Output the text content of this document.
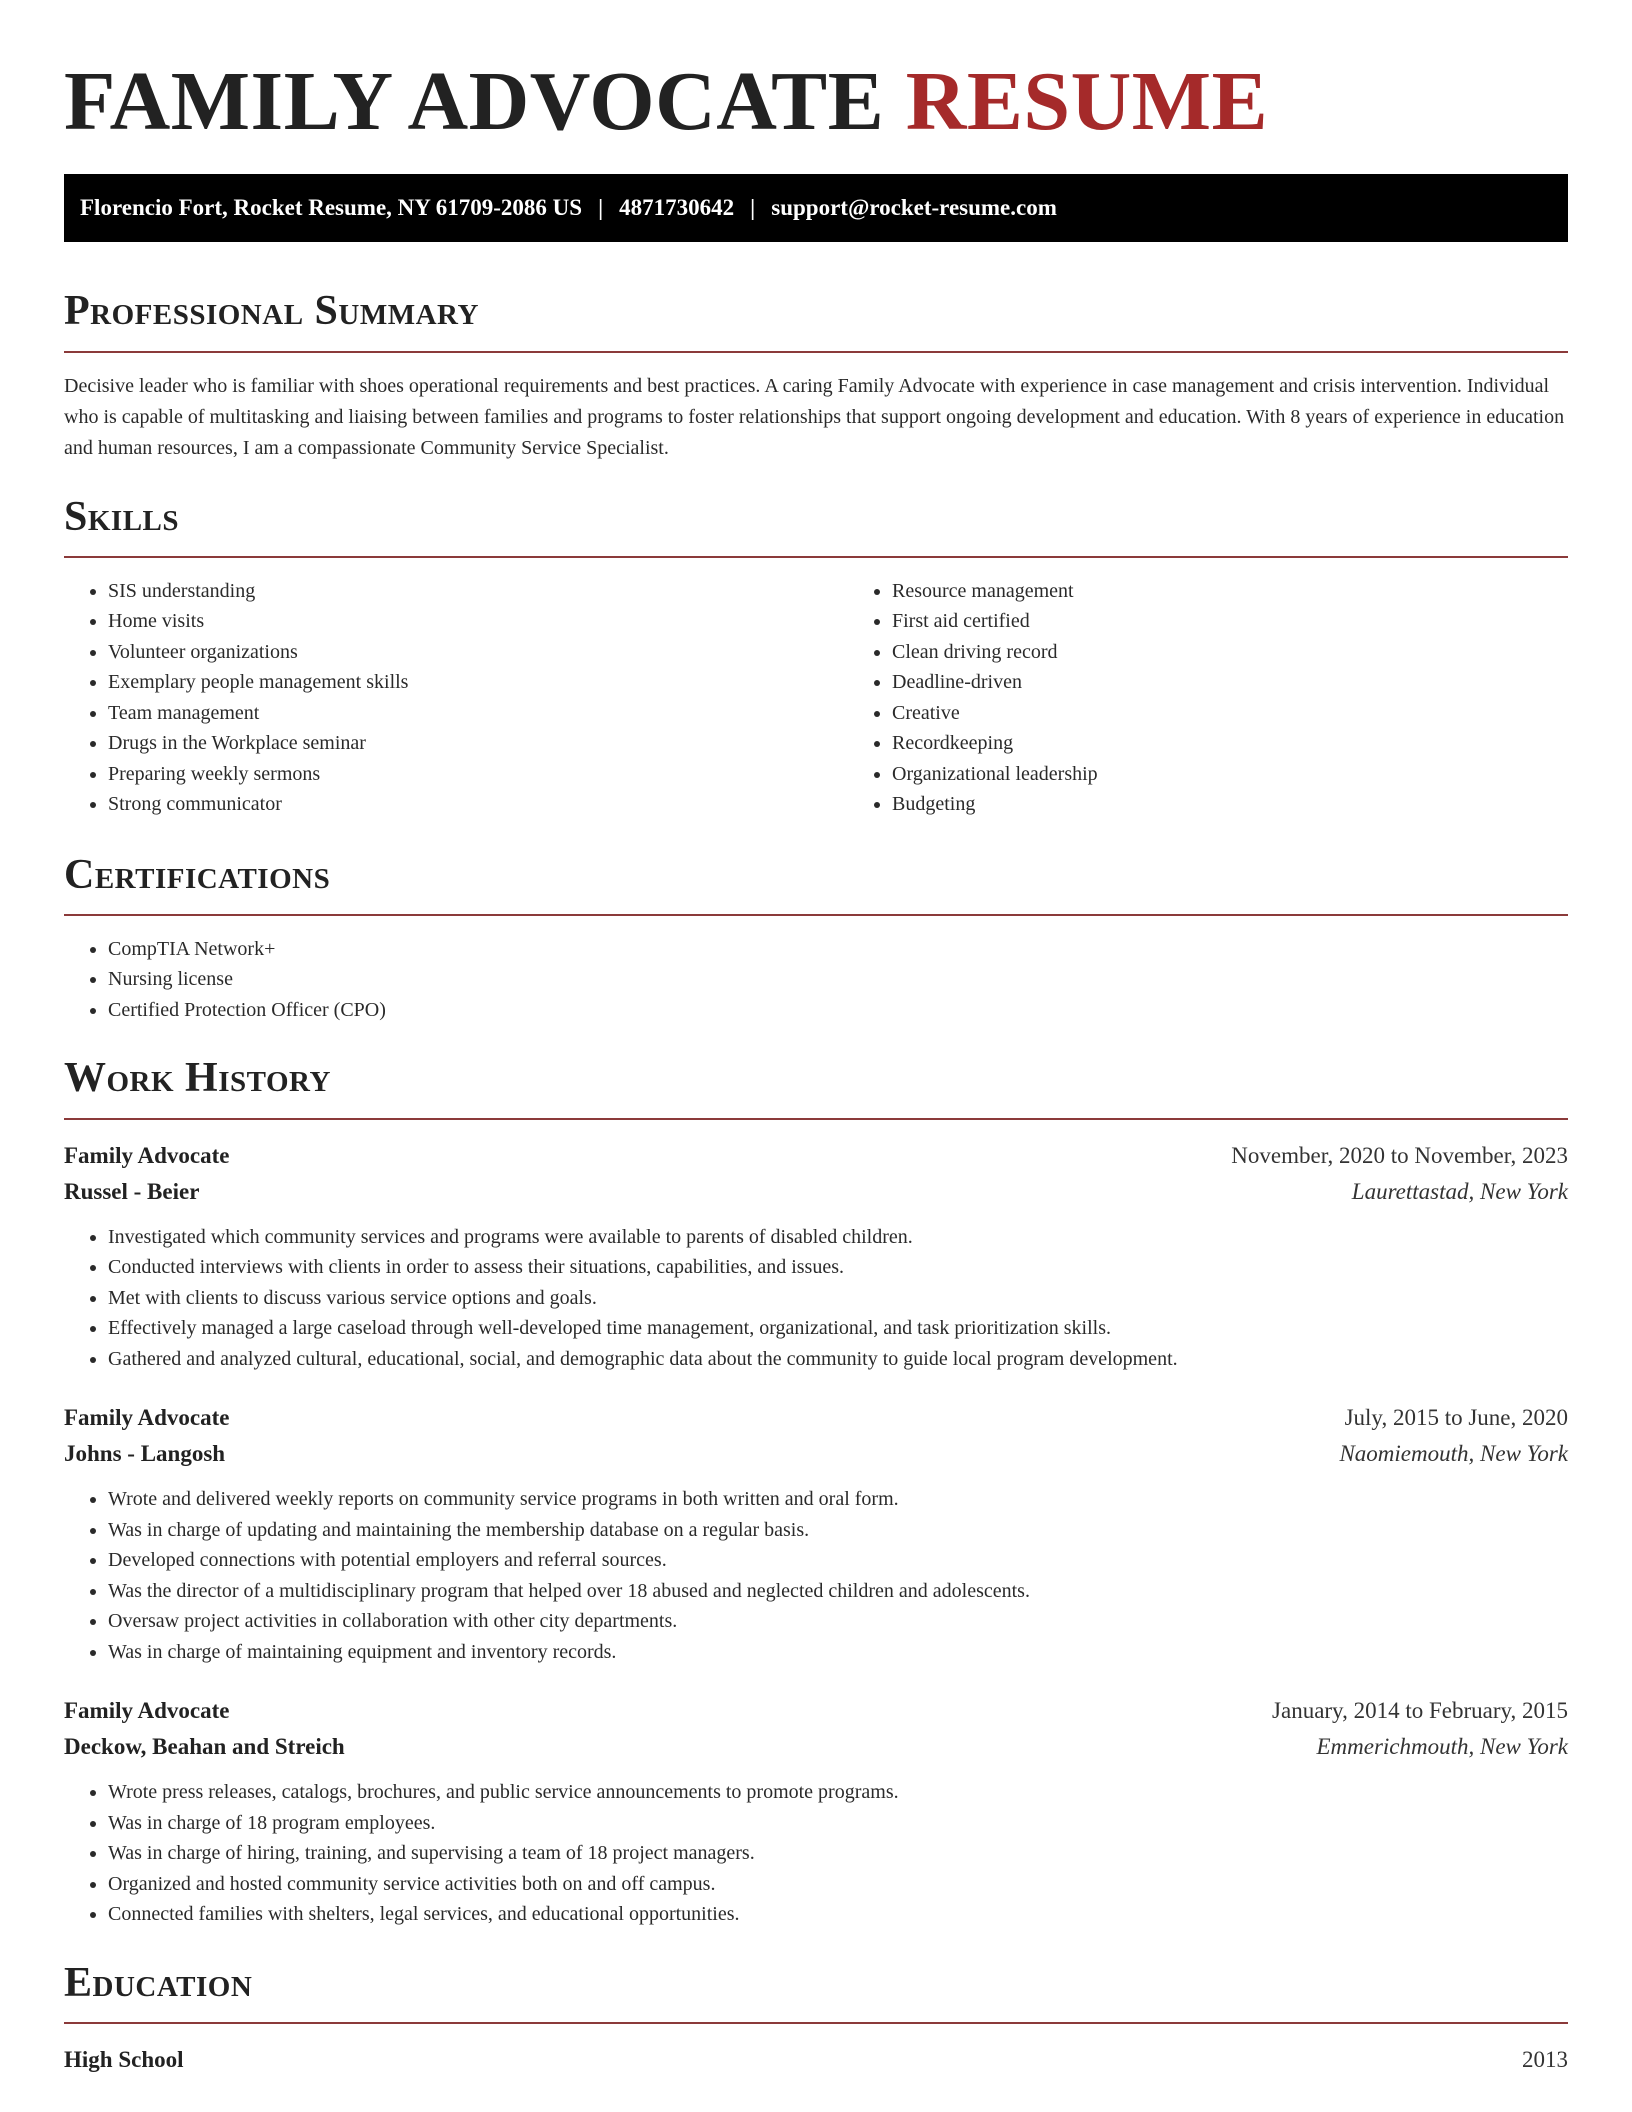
FAMILY ADVOCATE RESUME
Florencio Fort, Rocket Resume, NY 61709-2086 US | 4871730642 | support@rocket-resume.com
Professional Summary

Decisive leader who is familiar with shoes operational requirements and best practices. A caring Family Advocate with experience in case management and crisis intervention. Individual who is capable of multitasking and liaising between families and programs to foster relationships that support ongoing development and education. With 8 years of experience in education and human resources, I am a compassionate Community Service Specialist.

Skills
• SIS understanding
• Home visits
• Volunteer organizations
• Exemplary people management skills
• Team management
• Drugs in the Workplace seminar
• Preparing weekly sermons
• Strong communicator
• Resource management
• First aid certified
• Clean driving record
• Deadline-driven
• Creative
• Recordkeeping
• Organizational leadership
• Budgeting
Certifications
• CompTIA Network+
• Nursing license
• Certified Protection Officer (CPO)
Work History
Family Advocate	November, 2020 to November, 2023
Russel - Beier	Laurettastad, New York
• Investigated which community services and programs were available to parents of disabled children.
• Conducted interviews with clients in order to assess their situations, capabilities, and issues.
• Met with clients to discuss various service options and goals.
• Effectively managed a large caseload through well-developed time management, organizational, and task prioritization skills.
• Gathered and analyzed cultural, educational, social, and demographic data about the community to guide local program development.
Family Advocate	July, 2015 to June, 2020
Johns - Langosh	Naomiemouth, New York
• Wrote and delivered weekly reports on community service programs in both written and oral form.
• Was in charge of updating and maintaining the membership database on a regular basis.
• Developed connections with potential employers and referral sources.
• Was the director of a multidisciplinary program that helped over 18 abused and neglected children and adolescents.
• Oversaw project activities in collaboration with other city departments.
• Was in charge of maintaining equipment and inventory records.
Family Advocate	January, 2014 to February, 2015
Deckow, Beahan and Streich	Emmerichmouth, New York
• Wrote press releases, catalogs, brochures, and public service announcements to promote programs.
• Was in charge of 18 program employees.
• Was in charge of hiring, training, and supervising a team of 18 project managers.
• Organized and hosted community service activities both on and off campus.
• Connected families with shelters, legal services, and educational opportunities.
Education
High School	2013
